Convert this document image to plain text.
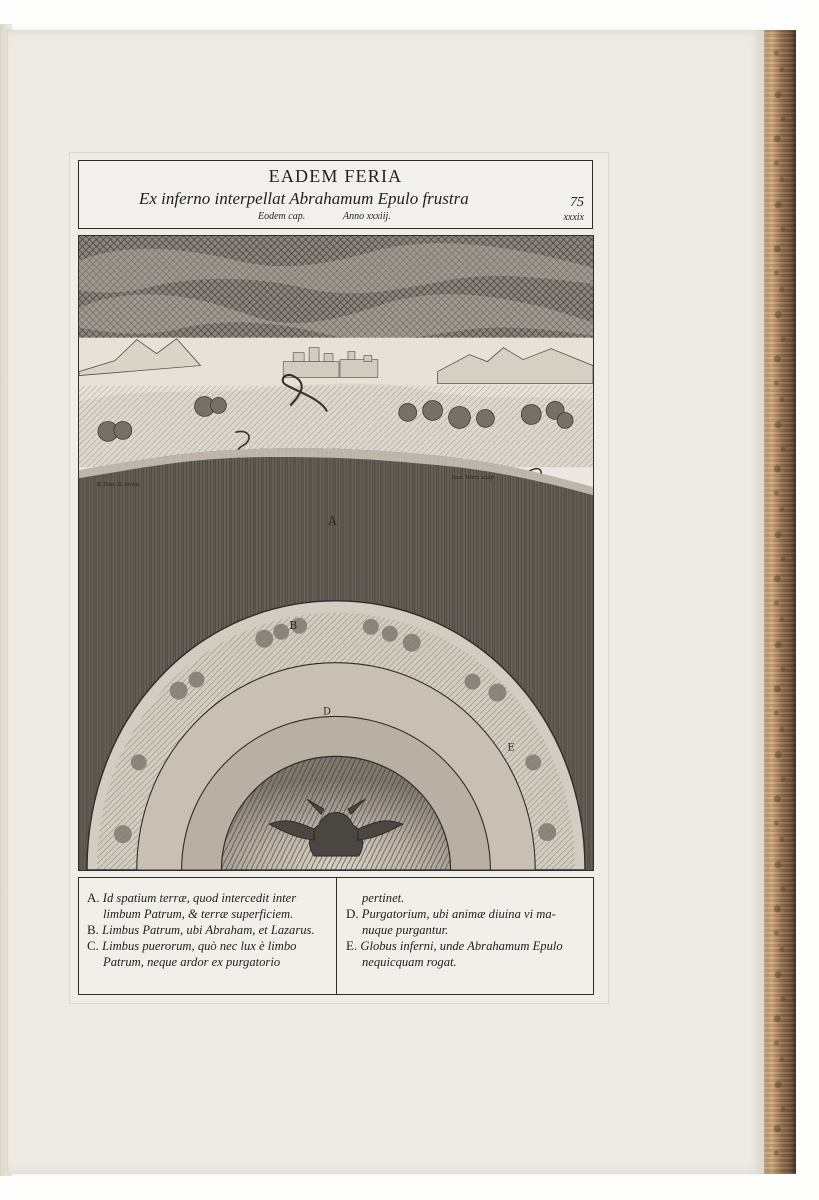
EADEM FERIA
Ex inferno interpellat Abrahamum Epulo frustra	75
Eodem cap.	Anno xxxiij.	xxxix
A
B
D
E
B. Pass. B. invent.
Ioan. Wierx sculp.
A. Id spatium terræ, quod intercedit inter
limbum Patrum, & terræ superficiem.
B. Limbus Patrum, ubi Abraham, et Lazarus.
C. Limbus puerorum, quò nec lux è limbo
Patrum, neque ardor ex purgatorio
pertinet.
D. Purgatorium, ubi animæ diuina vi ma-
nuque purgantur.
E. Globus inferni, unde Abrahamum Epulo
nequicquam rogat.
